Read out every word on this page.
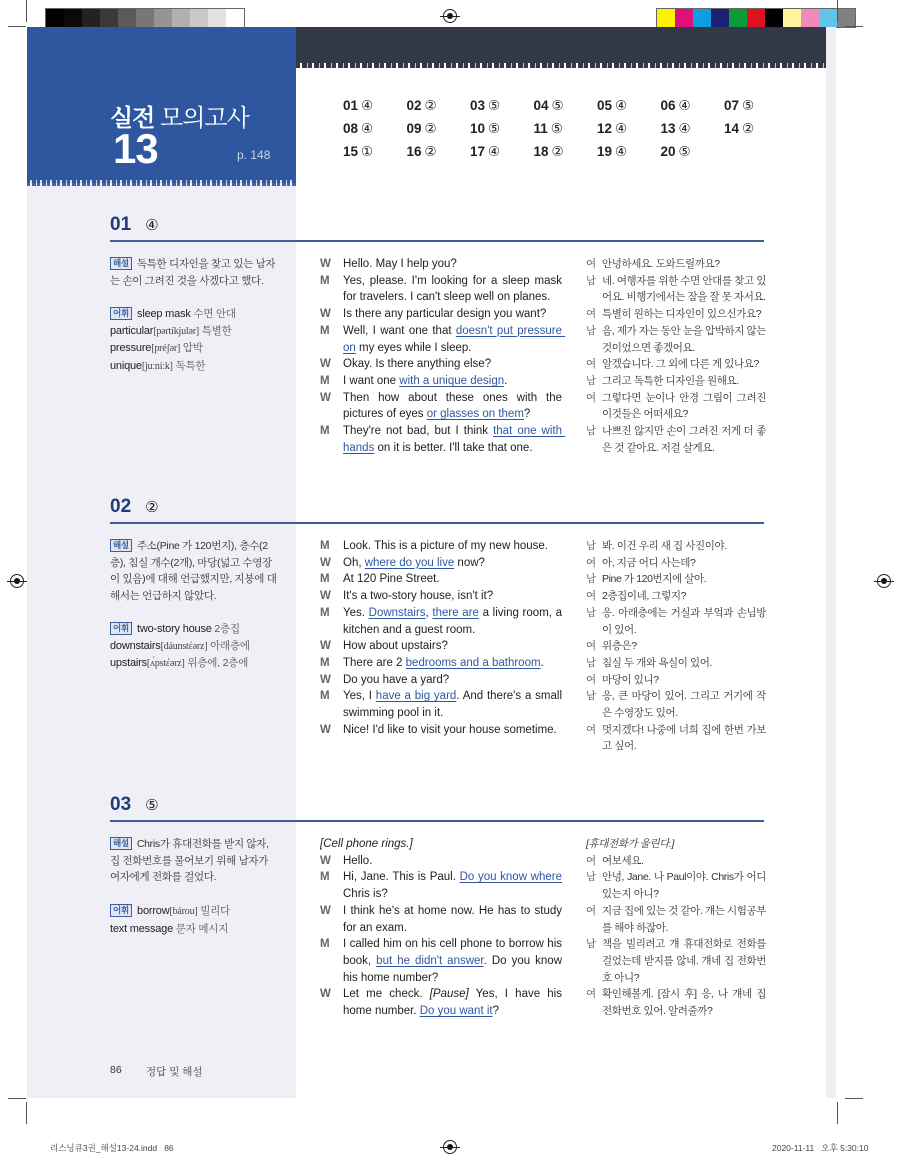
실전 모의고사
13	p. 148
01 ④	02 ②	03 ⑤	04 ⑤	05 ④	06 ④	07 ⑤
08 ④	09 ②	10 ⑤	11 ⑤	12 ④	13 ④	14 ②
15 ①	16 ②	17 ④	18 ②	19 ④	20 ⑤
01 ④
해설 독특한 디자인을 찾고 있는 남자는 손이 그려진 것을 사겠다고 했다.
어휘 sleep mask 수면 안대
particular[pərtíkjulər] 특별한
pressure[préʃər] 압박
unique[juːníːk] 독특한
W	Hello. May I help you?
M	Yes, please. I'm looking for a sleep mask for travelers. I can't sleep well on planes.
W	Is there any particular design you want?
M	Well, I want one that doesn't put pressure on my eyes while I sleep.
W	Okay. Is there anything else?
M	I want one with a unique design.
W	Then how about these ones with the pictures of eyes or glasses on them?
M	They're not bad, but I think that one with hands on it is better. I'll take that one.
여 안녕하세요. 도와드릴까요?
남 네. 여행자를 위한 수면 안대를 찾고 있어요. 비행기에서는 잠을 잘 못 자서요.
여 특별히 원하는 디자인이 있으신가요?
남 음, 제가 자는 동안 눈을 압박하지 않는 것이었으면 좋겠어요.
여 알겠습니다. 그 외에 다른 게 있나요?
남 그리고 독특한 디자인을 원해요.
여 그렇다면 눈이나 안경 그림이 그려진 이것들은 어떠세요?
남 나쁘진 않지만 손이 그려진 저게 더 좋은 것 같아요. 저걸 살게요.
02 ②
해설 주소(Pine 가 120번지), 층수(2층), 침실 개수(2개), 마당(넓고 수영장이 있음)에 대해 언급했지만, 지붕에 대해서는 언급하지 않았다.
어휘 two-story house 2층집
downstairs[dáunstέərz] 아래층에
upstairs[ʌ́pstέərz] 위층에, 2층에
M	Look. This is a picture of my new house.
W	Oh, where do you live now?
M	At 120 Pine Street.
W	It's a two-story house, isn't it?
M	Yes. Downstairs, there are a living room, a kitchen and a guest room.
W	How about upstairs?
M	There are 2 bedrooms and a bathroom.
W	Do you have a yard?
M	Yes, I have a big yard. And there's a small swimming pool in it.
W	Nice! I'd like to visit your house sometime.
남 봐. 이건 우리 새 집 사진이야.
여 아, 지금 어디 사는데?
남 Pine 가 120번지에 살아.
여 2층집이네, 그렇지?
남 응. 아래층에는 거실과 부엌과 손님방이 있어.
여 위층은?
남 침실 두 개와 욕실이 있어.
여 마당이 있니?
남 응, 큰 마당이 있어. 그리고 거기에 작은 수영장도 있어.
여 멋지겠다! 나중에 너희 집에 한번 가보고 싶어.
03 ⑤
해설 Chris가 휴대전화를 받지 않자, 집 전화번호를 물어보기 위해 남자가 여자에게 전화를 걸었다.
어휘 borrow[bárou] 빌리다
text message 문자 메시지
[Cell phone rings.]
W	Hello.
M	Hi, Jane. This is Paul. Do you know where Chris is?
W	I think he's at home now. He has to study for an exam.
M	I called him on his cell phone to borrow his book, but he didn't answer. Do you know his home number?
W	Let me check. [Pause] Yes, I have his home number. Do you want it?
[휴대전화가 울린다.]
여 여보세요.
남 안녕, Jane. 나 Paul이야. Chris가 어디 있는지 아니?
여 지금 집에 있는 것 같아. 걔는 시험공부를 해야 하잖아.
남 책을 빌리려고 걔 휴대전화로 전화를 걸었는데 받지를 않네. 걔네 집 전화번호 아니?
여 확인해볼게. [잠시 후] 응, 나 걔네 집 전화번호 있어. 알려줄까?
86 정답 및 해설
리스닝큐3권_해설13-24.indd   86	2020-11-11   오후 5:30:10
